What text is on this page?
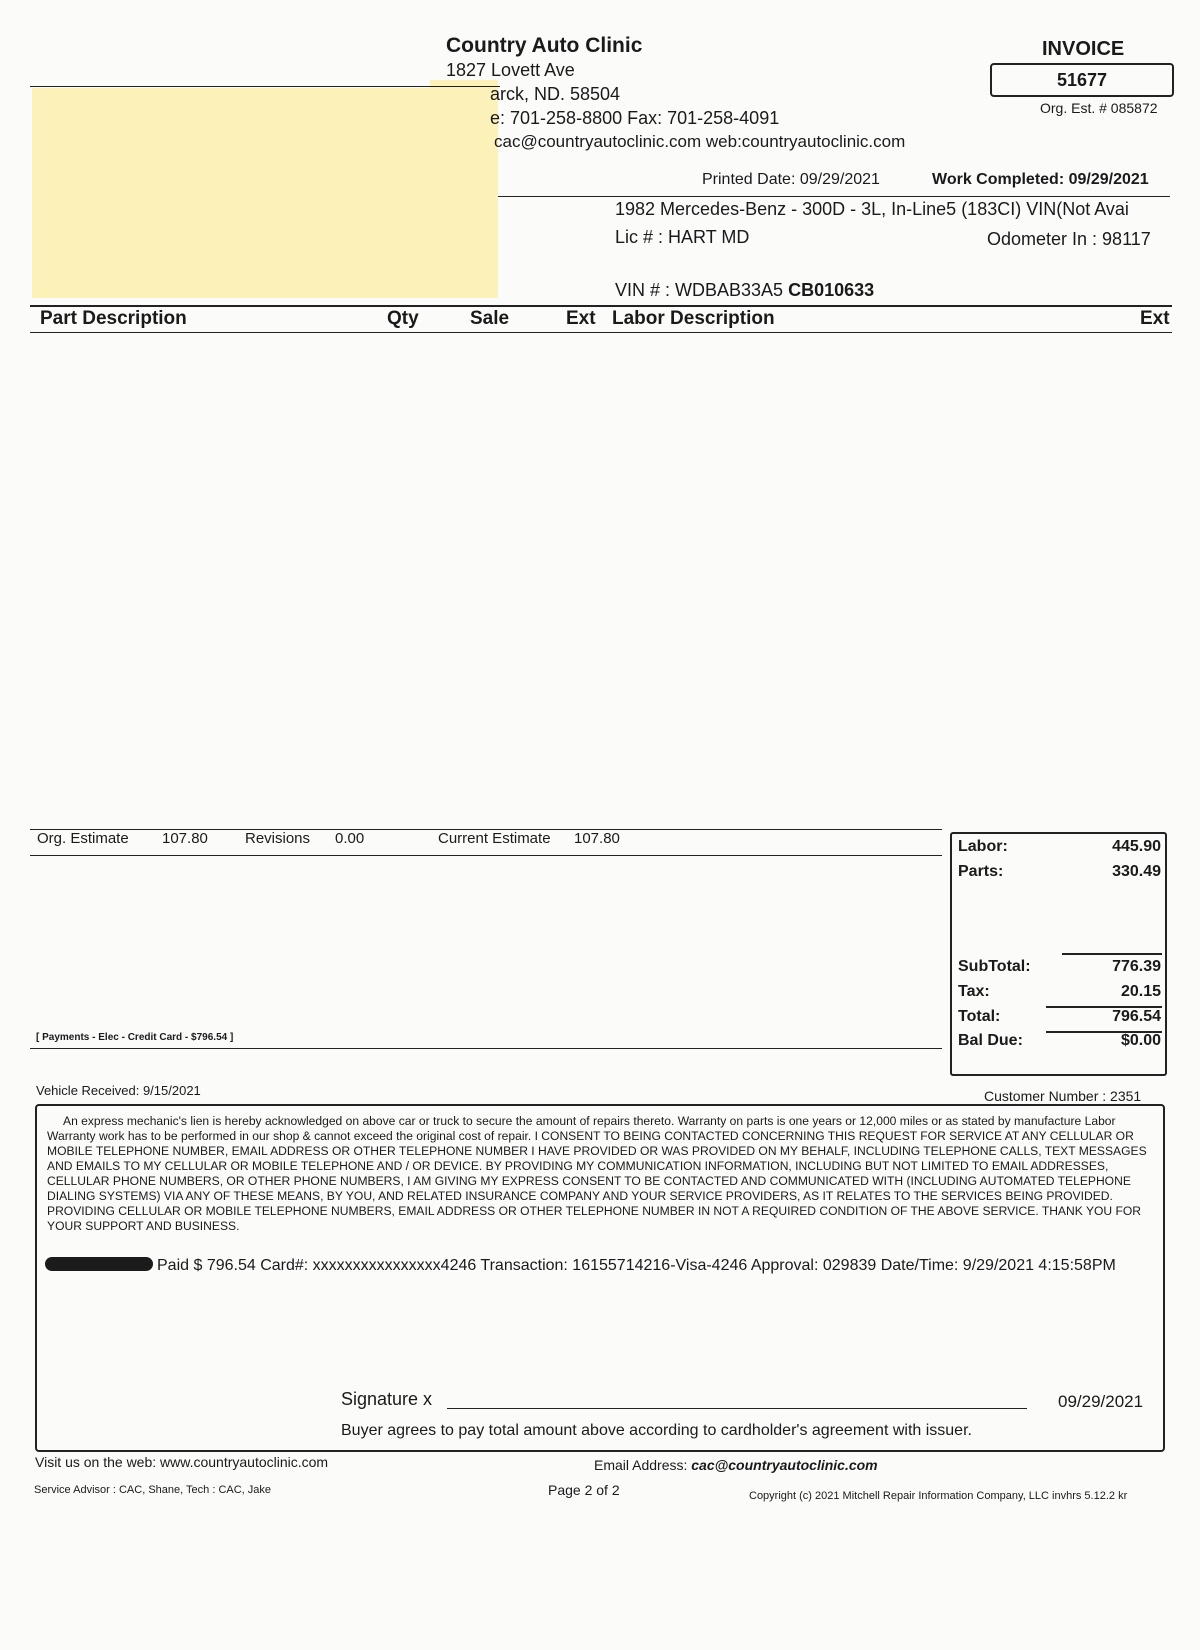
Country Auto Clinic
1827 Lovett Ave
arck, ND. 58504
e: 701-258-8800 Fax: 701-258-4091
cac@countryautoclinic.com web:countryautoclinic.com
INVOICE
51677
Org. Est. # 085872
Printed Date: 09/29/2021	Work Completed: 09/29/2021
1982 Mercedes-Benz - 300D - 3L, In-Line5 (183CI) VIN(Not Avai
Lic # : HART MD	Odometer In : 98117
VIN # : WDBAB33A5 CB010633
Part Description	Qty	Sale	Ext Labor Description	Ext
Org. Estimate 107.80 Revisions 0.00	Current Estimate 107.80
[ Payments - Elec - Credit Card - $796.54 ]
Labor:	445.90
Parts:	330.49
SubTotal:	776.39
Tax:	20.15
Total:	796.54
Bal Due:	$0.00
Vehicle Received: 9/15/2021	Customer Number : 2351
An express mechanic's lien is hereby acknowledged on above car or truck to secure the amount of repairs thereto. Warranty on parts is one years or 12,000 miles or as stated by manufacture Labor Warranty work has to be performed in our shop & cannot exceed the original cost of repair. I CONSENT TO BEING CONTACTED CONCERNING THIS REQUEST FOR SERVICE AT ANY CELLULAR OR MOBILE TELEPHONE NUMBER, EMAIL ADDRESS OR OTHER TELEPHONE NUMBER I HAVE PROVIDED OR WAS PROVIDED ON MY BEHALF, INCLUDING TELEPHONE CALLS, TEXT MESSAGES AND EMAILS TO MY CELLULAR OR MOBILE TELEPHONE AND / OR DEVICE. BY PROVIDING MY COMMUNICATION INFORMATION, INCLUDING BUT NOT LIMITED TO EMAIL ADDRESSES, CELLULAR PHONE NUMBERS, OR OTHER PHONE NUMBERS, I AM GIVING MY EXPRESS CONSENT TO BE CONTACTED AND COMMUNICATED WITH (INCLUDING AUTOMATED TELEPHONE DIALING SYSTEMS) VIA ANY OF THESE MEANS, BY YOU, AND RELATED INSURANCE COMPANY AND YOUR SERVICE PROVIDERS, AS IT RELATES TO THE SERVICES BEING PROVIDED. PROVIDING CELLULAR OR MOBILE TELEPHONE NUMBERS, EMAIL ADDRESS OR OTHER TELEPHONE NUMBER IN NOT A REQUIRED CONDITION OF THE ABOVE SERVICE. THANK YOU FOR YOUR SUPPORT AND BUSINESS.
Paid $ 796.54 Card#: xxxxxxxxxxxxxxxx4246 Transaction: 16155714216-Visa-4246 Approval: 029839 Date/Time: 9/29/2021 4:15:58PM
Signature x	09/29/2021
Buyer agrees to pay total amount above according to cardholder's agreement with issuer.
Visit us on the web: www.countryautoclinic.com	Email Address: cac@countryautoclinic.com
Service Advisor : CAC, Shane, Tech : CAC, Jake	Page 2 of 2	Copyright (c) 2021 Mitchell Repair Information Company, LLC invhrs 5.12.2 kr
